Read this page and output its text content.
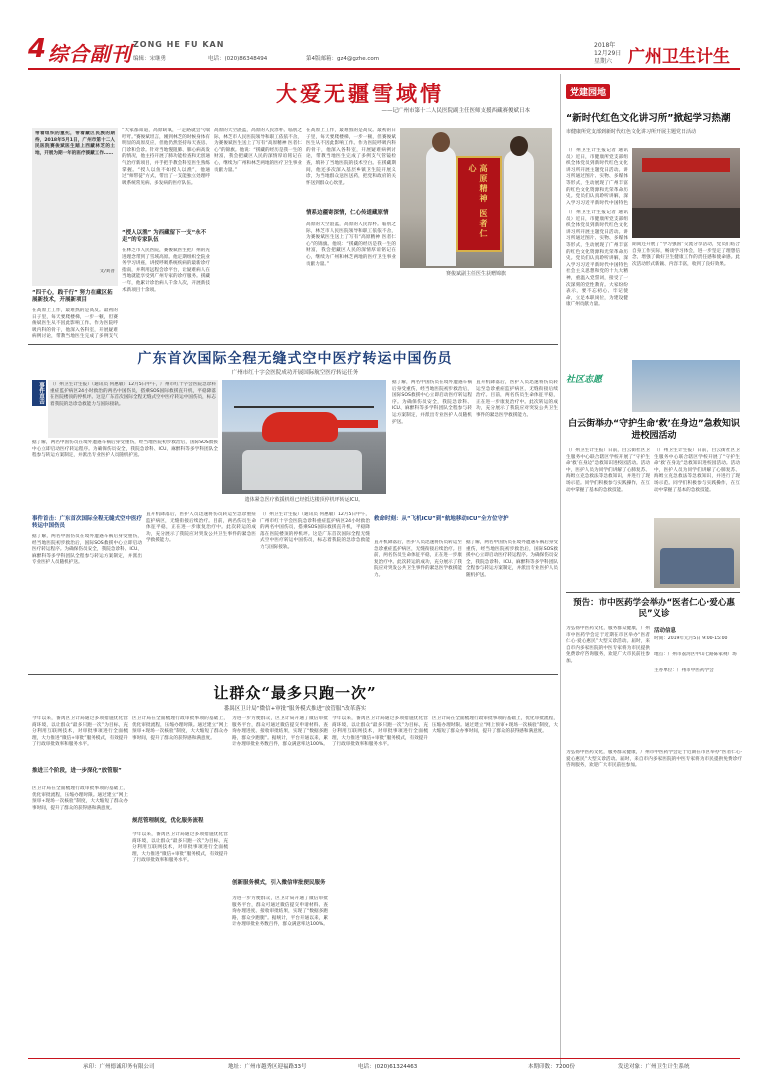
4 综合副刊 ZONG HE FU KAN
编辑：宋继勇	电话：(020)86348494	第4版邮箱：gz4@gzhe.com
2018年
12月29日
星期六 广州卫生计生
大爱无疆雪域情
——记广州市第十二人民医院副主任医师支援西藏赛俊斌日本
带着组织的重托，带着藏区民族的期待，2018年5月1日，广州市第十二人民医院赛俊斌医生踏上西藏林芝的土地，开展为期一年的医疗援藏工作……
文/刘普
“四千心，践千行” 努力在藏区拓展新技术，开展新项目
在高原上工作，最难熬的是高反。最初的日子里，每天要爬楼梯，一步一顿，但赛俊斌医生从不因此影响工作。作为医院呼吸内科的骨干，他深入各科室，开展疑难病例讨论，带教当地医生完成了多例支气
“大家都知道，高原缺氧，一走路就会气喘吁吁。”赛俊斌坦言，刚到林芝的时候身体有明显的高原反应，但他仍然坚持每天查房、门诊和会诊。针对当地慢阻肺、肺心病高发的情况，他主持开展了肺功能检查和无创通气治疗新项目，并手把手教会科室医生熟练掌握。“授人以鱼不如授人以渔”，他通过“师带徒”方式，带出了一支能独立处理呼吸系统常见病、多发病的医疗队伍。
“授人以渔” 为西藏留下一支“永不走”的专家队伍
在林芝市人民医院，赛俊斌医生把广州的先进理念带到了雪域高原。他定期组织全院业务学习讲座，讲授呼吸系统疾病的最新诊疗指南，并利用远程会诊平台，让疑难病人在当地就能享受到广州专家的诊疗服务。援藏一年，他累计诊治病人千余人次，开展新技术新项目十余项。
高原的天空湛蓝，高原的人民淳朴。临别之际，林芝市人民医院领导和职工依依不舍，为赛俊斌医生送上了写有“高原精神 医者仁心”的锦旗。他说：“援藏的经历是我一生的财富，我会把藏区人民的深情厚谊铭记在心，继续为广州和林芝两地的医疗卫生事业贡献力量。”
在高原上工作，最难熬的是高反。最初的日子里，每天要爬楼梯，一步一顿，但赛俊斌医生从不因此影响工作。作为医院呼吸内科的骨干，他深入各科室，开展疑难病例讨论，带教当地医生完成了多例支气管镜检查，填补了当地医院的技术空白。在援藏期间，他还多次深入基层乡镇卫生院开展义诊，为当地群众送医送药，把党和政府的关怀送到群众心坎里。
情系边疆寄深情，仁心传道藏原情
高原的天空湛蓝，高原的人民淳朴。临别之际，林芝市人民医院领导和职工依依不舍，为赛俊斌医生送上了写有“高原精神 医者仁心”的锦旗。他说：“援藏的经历是我一生的财富，我会把藏区人民的深情厚谊铭记在心，继续为广州和林芝两地的医疗卫生事业贡献力量。”
高原精神 医者仁心
赛俊斌副主任医生获赠锦旗
党建园地
“新时代红色文化讲习所”掀起学习热潮
市健康所党支部到新时代红色文化讲习所开展主题党日活动
（广州卫生计生报记者 通讯员）近日，市健康所党支部组织全体党员到新时代红色文化讲习所开展主题党日活动。讲习所通过图片、实物、多媒体等形式，生动展现了广州丰富的红色文化资源和光荣革命历史。党员们认真聆听讲解，深入学习习近平新时代中国特色
（广州卫生计生报记者 通讯员）近日，市健康所党支部组织全体党员到新时代红色文化讲习所开展主题党日活动。讲习所通过图片、实物、多媒体等形式，生动展现了广州丰富的红色文化资源和光荣革命历史。党员们认真聆听讲解，深入学习习近平新时代中国特色社会主义思想和党的十九大精神，重温入党誓词，接受了一次深刻的党性教育。大家纷纷表示，要不忘初心、牢记使命，立足本职岗位，为建设健康广州贡献力量。
期间还开展了“学习强国”交流分享活动，党员们结合自身工作实际，畅谈学习体会，进一步坚定了理想信念，增强了做好卫生健康工作的责任感和使命感。此次活动形式新颖、内容丰富，收到了良好效果。
广东首次国际全程无缝式空中医疗转运中国伤员
广州市红十字会医院成功开展国际航空医疗转运任务
事件直击	（广州卫生计生报）（通讯员 何惠敏）12月5日中午，广州市红十字会医院急诊科重症监护病区24小时救治的两名中国伤员，搭乘SOS国际救援直升机，平稳降落在医院楼顶的停机坪。这是广东首次国际全程无缝式空中医疗转运中国伤员，标志着我院的急诊急救能力与国际接轨。
据了解，两名中国伤员在境外遭遇车祸后身受重伤，经当地医院初步救治后，国际SOS救援中心立即启动医疗转运程序。为确保伤员安全，我院急诊科、ICU、麻醉科等多学科团队全程参与转运方案制定，并派出专业医护人员随机护送。
遗体紧急医疗救援机组已经抵达楼顶停机坪转运ICU。
据了解，两名中国伤员在境外遭遇车祸后身受重伤，经当地医院初步救治后，国际SOS救援中心立即启动医疗转运程序。为确保伤员安全，我院急诊科、ICU、麻醉科等多学科团队全程参与转运方案制定，并派出专业医护人员随机护送。
直升机降落后，医护人员迅速将伤员转运至急诊重症监护病区，无缝衔接后续治疗。目前，两名伤员生命体征平稳，正在进一步康复治疗中。此次转运的成功，充分展示了我院应对突发公共卫生事件的紧急医学救援能力。
事件首击：广东首次国际全程无缝式空中医疗转运中国伤员
据了解，两名中国伤员在境外遭遇车祸后身受重伤，经当地医院初步救治后，国际SOS救援中心立即启动医疗转运程序。为确保伤员安全，我院急诊科、ICU、麻醉科等多学科团队全程参与转运方案制定，并派出专业医护人员随机护送。
直升机降落后，医护人员迅速将伤员转运至急诊重症监护病区，无缝衔接后续治疗。目前，两名伤员生命体征平稳，正在进一步康复治疗中。此次转运的成功，充分展示了我院应对突发公共卫生事件的紧急医学救援能力。
（广州卫生计生报）（通讯员 何惠敏）12月5日中午，广州市红十字会医院急诊科重症监护病区24小时救治的两名中国伤员，搭乘SOS国际救援直升机，平稳降落在医院楼顶的停机坪。这是广东首次国际全程无缝式空中医疗转运中国伤员，标志着我院的急诊急救能力与国际接轨。
救命时刻：从“飞机ICU”到“航地移动ICU”全方位守护
直升机降落后，医护人员迅速将伤员转运至急诊重症监护病区，无缝衔接后续治疗。目前，两名伤员生命体征平稳，正在进一步康复治疗中。此次转运的成功，充分展示了我院应对突发公共卫生事件的紧急医学救援能力。
据了解，两名中国伤员在境外遭遇车祸后身受重伤，经当地医院初步救治后，国际SOS救援中心立即启动医疗转运程序。为确保伤员安全，我院急诊科、ICU、麻醉科等多学科团队全程参与转运方案制定，并派出专业医护人员随机护送。
社区志愿
白云街举办“守护生命‘救’在身边”急救知识进校园活动
（广州卫生计生报）日前，白云街社区卫生服务中心联合辖区学校开展了“守护生命‘救’在身边”急救知识进校园活动。活动中，医护人员为同学们讲解了心肺复苏、海姆立克急救法等急救知识，并进行了现场示范。同学们积极参与实践操作，在互动中掌握了基本的急救技能。
（广州卫生计生报）日前，白云街社区卫生服务中心联合辖区学校开展了“守护生命‘救’在身边”急救知识进校园活动。活动中，医护人员为同学们讲解了心肺复苏、海姆立克急救法等急救知识，并进行了现场示范。同学们积极参与实践操作，在互动中掌握了基本的急救技能。
让群众“最多只跑一次”
番禺区卫计局“微信+审批”服务模式推进“放管服”改革落实
今年以来，番禺区卫计局通过多项措施优化营商环境，以让群众“最多只跑一次”为目标，充分利用互联网技术，对审批事项进行全面梳理，大力推进“微信+审批”服务模式，有效提升了行政审批效率和服务水平。
推进三个阶段，进一步深化“放管服”
区卫计局在全面梳理行政审批事项的基础上，优化审批流程，压缩办理时限。通过建立“网上预审+现场一次核验”制度，大大缩短了群众办事时间，提升了群众的获得感和满意度。
区卫计局在全面梳理行政审批事项的基础上，优化审批流程，压缩办理时限。通过建立“网上预审+现场一次核验”制度，大大缩短了群众办事时间，提升了群众的获得感和满意度。
规范管理制度，优化服务流程
今年以来，番禺区卫计局通过多项措施优化营商环境，以让群众“最多只跑一次”为目标，充分利用互联网技术，对审批事项进行全面梳理，大力推进“微信+审批”服务模式，有效提升了行政审批效率和服务水平。
为进一步方便群众，区卫计局开通了微信审批服务平台，群众可通过微信提交申请材料、查询办理进度、接收审批结果，实现了“数据多跑路，群众少跑腿”。据统计，平台开通以来，累计办理审批业务数百件，群众满意率达100%。
创新服务模式，引入微信审批便民服务
为进一步方便群众，区卫计局开通了微信审批服务平台，群众可通过微信提交申请材料、查询办理进度、接收审批结果，实现了“数据多跑路，群众少跑腿”。据统计，平台开通以来，累计办理审批业务数百件，群众满意率达100%。
今年以来，番禺区卫计局通过多项措施优化营商环境，以让群众“最多只跑一次”为目标，充分利用互联网技术，对审批事项进行全面梳理，大力推进“微信+审批”服务模式，有效提升了行政审批效率和服务水平。
区卫计局在全面梳理行政审批事项的基础上，优化审批流程，压缩办理时限。通过建立“网上预审+现场一次核验”制度，大大缩短了群众办事时间，提升了群众的获得感和满意度。
预告：市中医药学会举办“医者仁心·爱心惠民”义诊
为弘扬中医药文化，服务群众健康，广州市中医药学会定于近期在市区举办“医者仁心·爱心惠民”大型义诊活动。届时，来自市内多家医院的中医专家将为市民提供免费诊疗咨询服务，欢迎广大市民前往参加。
活动信息
时间：2019年元月5日 9:00-15:00
地点：广州市荔湾区中山七路陈家祠广场
主办单位：广州市中医药学会
为弘扬中医药文化，服务群众健康，广州市中医药学会定于近期在市区举办“医者仁心·爱心惠民”大型义诊活动。届时，来自市内多家医院的中医专家将为市民提供免费诊疗咨询服务，欢迎广大市民前往参加。
承印：广州德诚印务有限公司	地址：广州市越秀区迎福路33号	电话：(020)61324463	本期印数：7200份	发送对象：广州卫生计生系统
